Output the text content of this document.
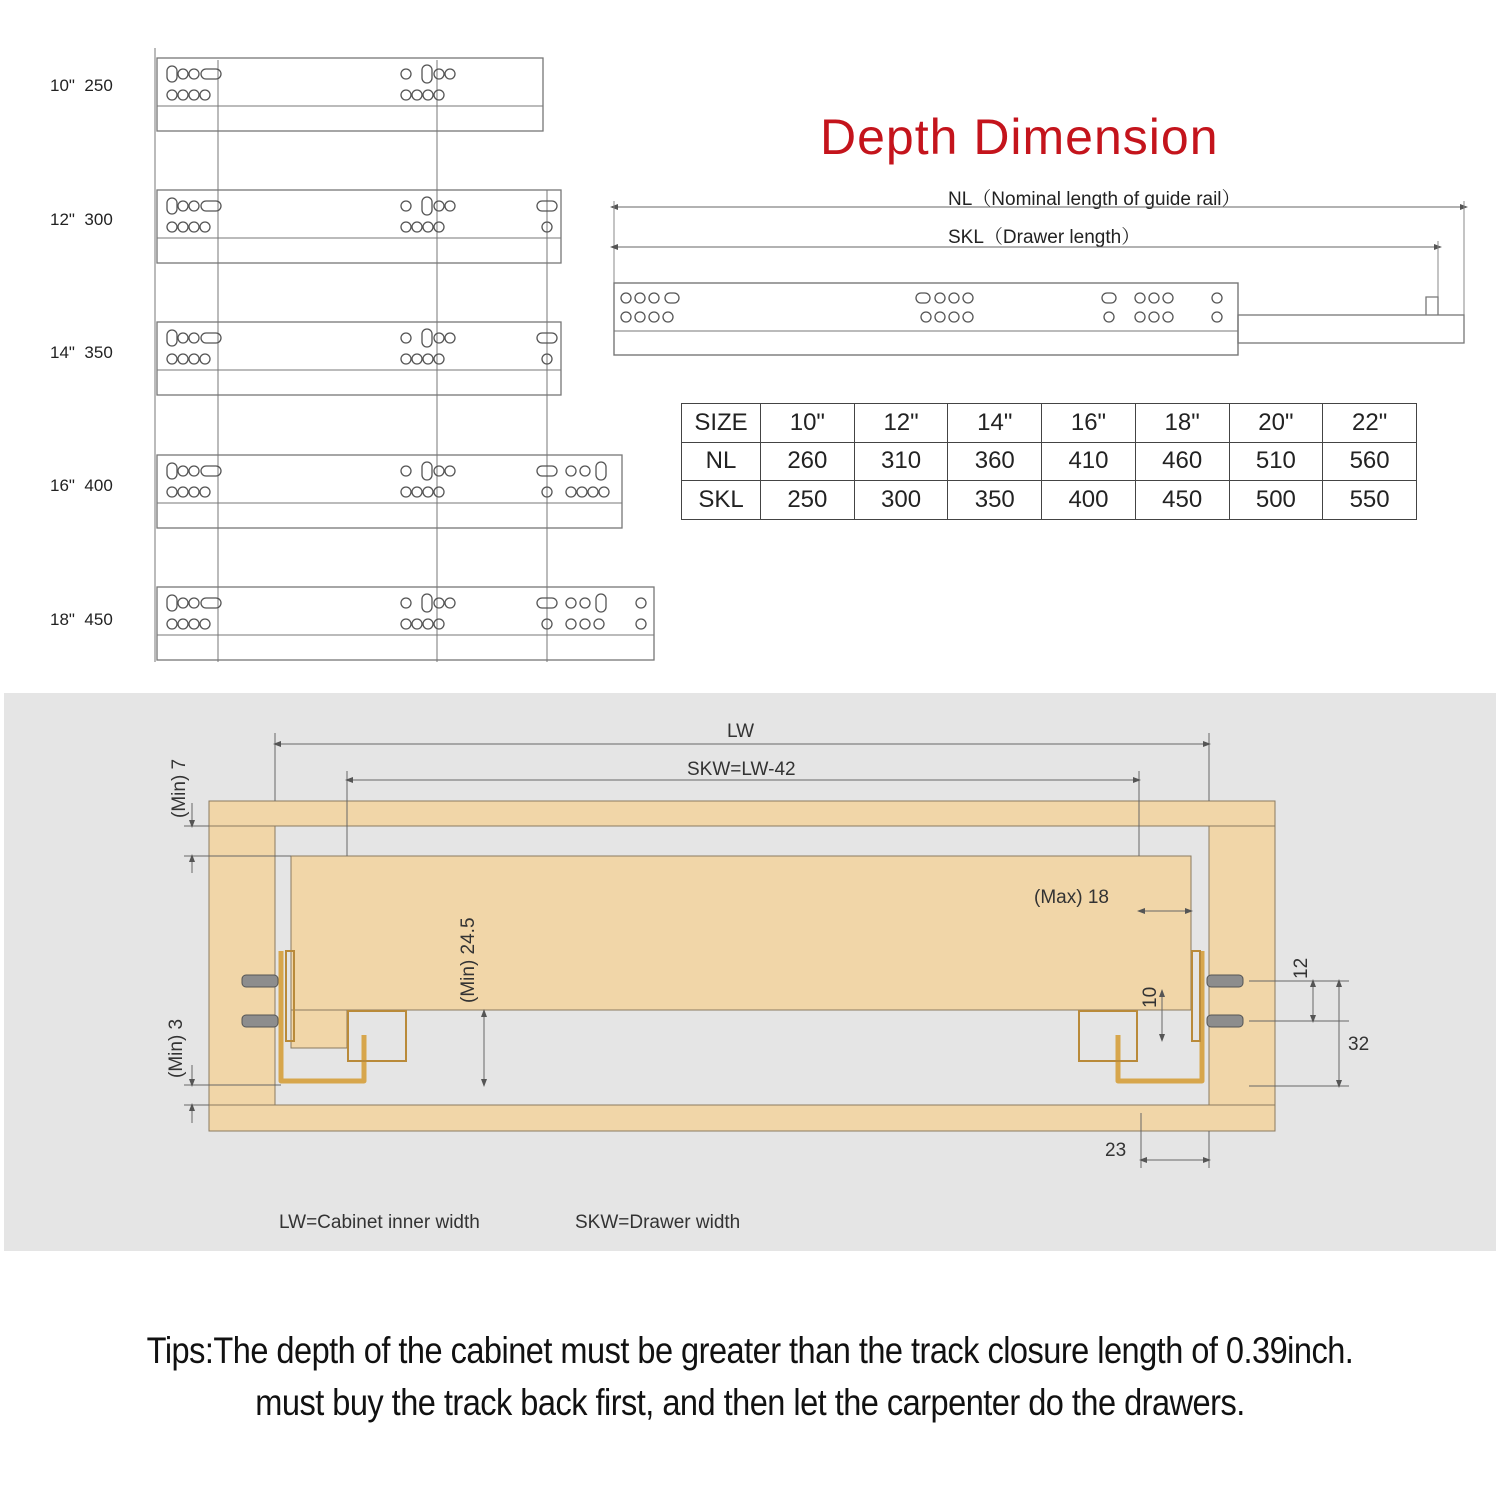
10" 250
12" 300
14" 350
16" 400
18" 450
Depth Dimension
NL（Nominal length of guide rail）
SKL（Drawer length）
SIZE	10"	12"	14"	16"	18"	20"	22"
NL	260	310	360	410	460	510	560
SKL	250	300	350	400	450	500	550
LW
SKW=LW-42
(Min) 7
(Min) 3
(Min) 24.5
(Max) 18
10
12
32
23
LW=Cabinet inner width	SKW=Drawer width
Tips:The depth of the cabinet must be greater than the track closure length of 0.39inch.
must buy the track back first, and then let the carpenter do the drawers.
